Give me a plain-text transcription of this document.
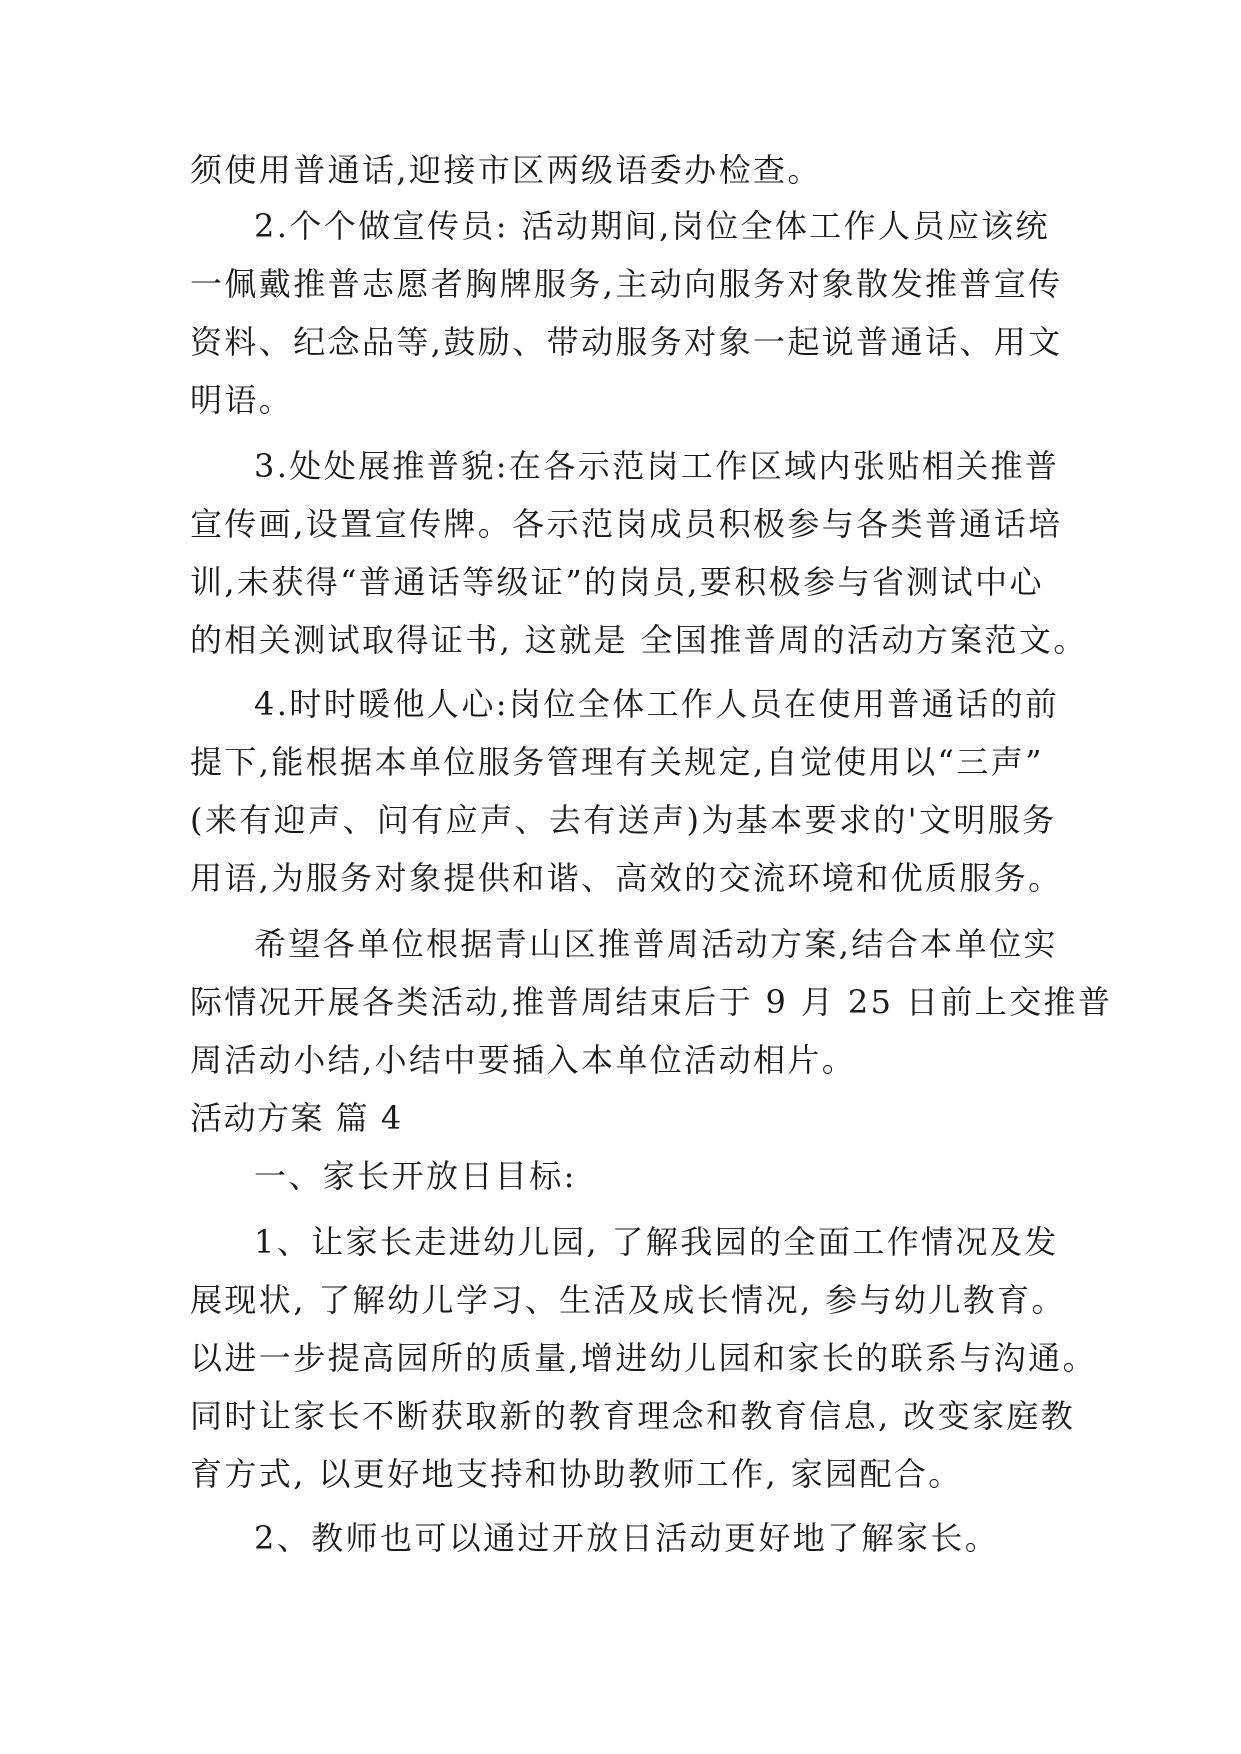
须使用普通话,迎接市区两级语委办检查。
2.个个做宣传员: 活动期间,岗位全体工作人员应该统
一佩戴推普志愿者胸牌服务,主动向服务对象散发推普宣传
资料、纪念品等,鼓励、带动服务对象一起说普通话、用文
明语。
3.处处展推普貌:在各示范岗工作区域内张贴相关推普
宣传画,设置宣传牌。各示范岗成员积极参与各类普通话培
训,未获得“普通话等级证”的岗员,要积极参与省测试中心
的相关测试取得证书, 这就是 全国推普周的活动方案范文。
4.时时暖他人心:岗位全体工作人员在使用普通话的前
提下,能根据本单位服务管理有关规定,自觉使用以“三声”
(来有迎声、问有应声、去有送声)为基本要求的'文明服务
用语,为服务对象提供和谐、高效的交流环境和优质服务。
希望各单位根据青山区推普周活动方案,结合本单位实
际情况开展各类活动,推普周结束后于 9 月 25 日前上交推普
周活动小结,小结中要插入本单位活动相片。
活动方案 篇 4
一、家长开放日目标:
1、让家长走进幼儿园, 了解我园的全面工作情况及发
展现状, 了解幼儿学习、生活及成长情况, 参与幼儿教育。
以进一步提高园所的质量,增进幼儿园和家长的联系与沟通。
同时让家长不断获取新的教育理念和教育信息, 改变家庭教
育方式, 以更好地支持和协助教师工作, 家园配合。
2、教师也可以通过开放日活动更好地了解家长。
